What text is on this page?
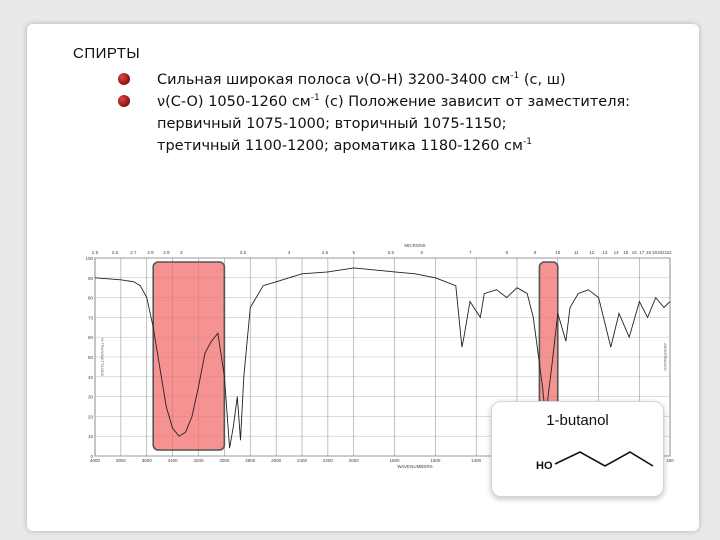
СПИРТЫ
Сильная широкая полоса ν(O-H) 3200-3400 $см^{-1}$ (с, ш)
ν(C-O) 1050-1260 $см^{-1}$ (с) Положение зависит от заместителя:
первичный 1075-1000; вторичный 1075-1150;
третичный 1100-1200; ароматика 1180-1260 $см^{-1}$
100
90
80
70
60
50
40
30
20
10
0
4000	3800	3600	3400	3200	3000	2800	2600	2400	2200	2000	1800	1600	1400	450
2.5	2.6	2.7 2.8 2.9 3	3.5	4	4.5	5	5.5	6	7	8	9	10	11 12 13 14 15 16 17 18 19 20 21 22
MICRONS
WAVENUMBERS
% TRANSMITTANCE	ABSORBANCE
1-butanol
HO
